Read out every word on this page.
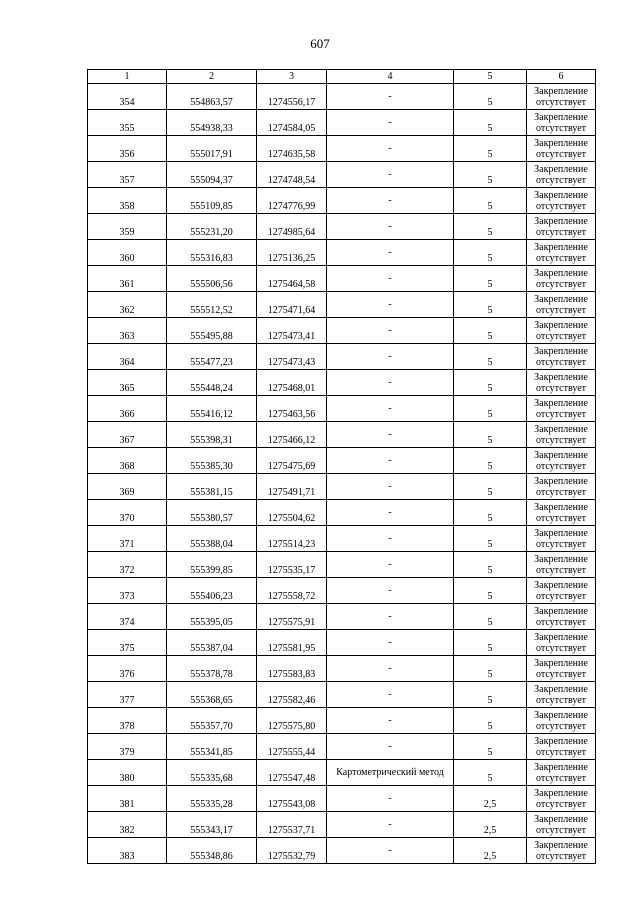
607
1	2	3	4	5	6
354	554863,57	1274556,17	-	5	Закрепление
отсутствует

355	554938,33	1274584,05	-	5	Закрепление
отсутствует

356	555017,91	1274635,58	-	5	Закрепление
отсутствует

357	555094,37	1274748,54	-	5	Закрепление
отсутствует

358	555109,85	1274776,99	-	5	Закрепление
отсутствует

359	555231,20	1274985,64	-	5	Закрепление
отсутствует

360	555316,83	1275136,25	-	5	Закрепление
отсутствует

361	555506,56	1275464,58	-	5	Закрепление
отсутствует

362	555512,52	1275471,64	-	5	Закрепление
отсутствует

363	555495,88	1275473,41	-	5	Закрепление
отсутствует

364	555477,23	1275473,43	-	5	Закрепление
отсутствует

365	555448,24	1275468,01	-	5	Закрепление
отсутствует

366	555416,12	1275463,56	-	5	Закрепление
отсутствует

367	555398,31	1275466,12	-	5	Закрепление
отсутствует

368	555385,30	1275475,69	-	5	Закрепление
отсутствует

369	555381,15	1275491,71	-	5	Закрепление
отсутствует

370	555380,57	1275504,62	-	5	Закрепление
отсутствует

371	555388,04	1275514,23	-	5	Закрепление
отсутствует

372	555399,85	1275535,17	-	5	Закрепление
отсутствует

373	555406,23	1275558,72	-	5	Закрепление
отсутствует

374	555395,05	1275575,91	-	5	Закрепление
отсутствует

375	555387,04	1275581,95	-	5	Закрепление
отсутствует

376	555378,78	1275583,83	-	5	Закрепление
отсутствует

377	555368,65	1275582,46	-	5	Закрепление
отсутствует

378	555357,70	1275575,80	-	5	Закрепление
отсутствует

379	555341,85	1275555,44	-	5	Закрепление
отсутствует

380	555335,68	1275547,48	Картометрический метод	5	Закрепление
отсутствует

381	555335,28	1275543,08	-	2,5	Закрепление
отсутствует

382	555343,17	1275537,71	-	2,5	Закрепление
отсутствует

383	555348,86	1275532,79	-	2,5	Закрепление
отсутствует
